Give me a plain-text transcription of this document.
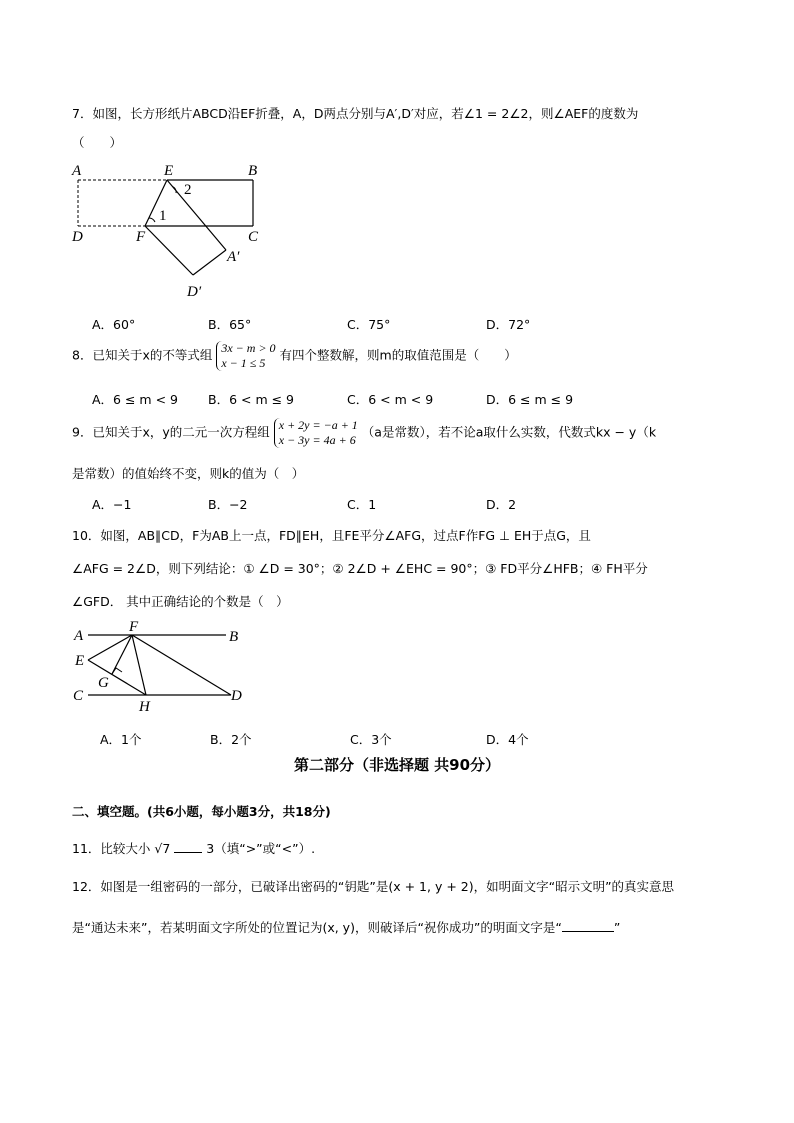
7．如图，长方形纸片ABCD沿EF折叠，A，D两点分别与A′,D′对应，若∠1 = 2∠2，则∠AEF的度数为
（　　）
A	B
C
D
E
F
A′
D′
1
2
A．60°	B．65°	C．75°	D．72°
8．已知关于x的不等式组 3x − m > 0
x − 1 ≤ 5有四个整数解，则m的取值范围是（　　）
A．6 ≤ m < 9 B．6 < m ≤ 9	C．6 < m < 9	D．6 ≤ m ≤ 9
9．已知关于x，y的二元一次方程组 x + 2y = −a + 1
x − 3y = 4a + 6（a是常数），若不论a取什么实数，代数式kx − y（k
是常数）的值始终不变，则k的值为（　）
A．−1	B．−2	C．1	D．2
10．如图，AB∥CD，F为AB上一点，FD∥EH，且FE平分∠AFG，过点F作FG ⊥ EH于点G，且
∠AFG = 2∠D，则下列结论：① ∠D = 30°；② 2∠D + ∠EHC = 90°；③ FD平分∠HFB；④ FH平分
∠GFD． 其中正确结论的个数是（　）
A	B
C	D
E
F
G
H
A．1个	B．2个	C．3个	D．4个
第二部分（非选择题 共90分）
二、填空题。(共6小题，每小题3分，共18分)
11．比较大小 √7	3（填“>”或“<”）.
12．如图是一组密码的一部分，已破译出密码的“钥匙”是(x + 1, y + 2)，如明面文字“昭示文明”的真实意思
是“通达未来”，若某明面文字所处的位置记为(x, y)，则破译后“祝你成功”的明面文字是“	”
